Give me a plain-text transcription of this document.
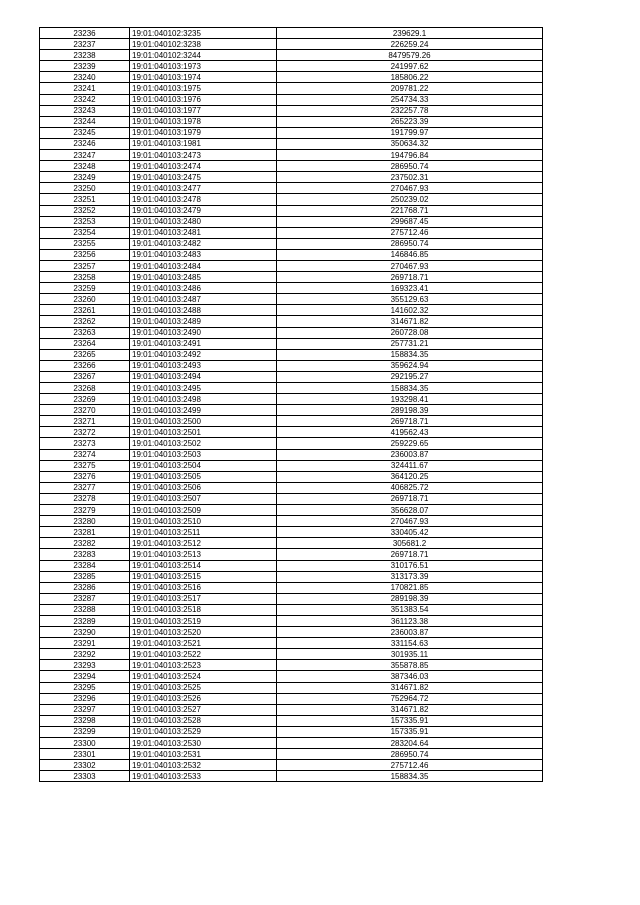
23236	19:01:040102:3235	239629.1
23237	19:01:040102:3238	226259.24
23238	19:01:040102:3244	8479579.26
23239	19:01:040103:1973	241997.62
23240	19:01:040103:1974	185806.22
23241	19:01:040103:1975	209781.22
23242	19:01:040103:1976	254734.33
23243	19:01:040103:1977	232257.78
23244	19:01:040103:1978	265223.39
23245	19:01:040103:1979	191799.97
23246	19:01:040103:1981	350634.32
23247	19:01:040103:2473	194796.84
23248	19:01:040103:2474	286950.74
23249	19:01:040103:2475	237502.31
23250	19:01:040103:2477	270467.93
23251	19:01:040103:2478	250239.02
23252	19:01:040103:2479	221768.71
23253	19:01:040103:2480	299687.45
23254	19:01:040103:2481	275712.46
23255	19:01:040103:2482	286950.74
23256	19:01:040103:2483	146846.85
23257	19:01:040103:2484	270467.93
23258	19:01:040103:2485	269718.71
23259	19:01:040103:2486	169323.41
23260	19:01:040103:2487	355129.63
23261	19:01:040103:2488	141602.32
23262	19:01:040103:2489	314671.82
23263	19:01:040103:2490	260728.08
23264	19:01:040103:2491	257731.21
23265	19:01:040103:2492	158834.35
23266	19:01:040103:2493	359624.94
23267	19:01:040103:2494	292195.27
23268	19:01:040103:2495	158834.35
23269	19:01:040103:2498	193298.41
23270	19:01:040103:2499	289198.39
23271	19:01:040103:2500	269718.71
23272	19:01:040103:2501	419562.43
23273	19:01:040103:2502	259229.65
23274	19:01:040103:2503	236003.87
23275	19:01:040103:2504	324411.67
23276	19:01:040103:2505	364120.25
23277	19:01:040103:2506	406825.72
23278	19:01:040103:2507	269718.71
23279	19:01:040103:2509	356628.07
23280	19:01:040103:2510	270467.93
23281	19:01:040103:2511	330405.42
23282	19:01:040103:2512	305681.2
23283	19:01:040103:2513	269718.71
23284	19:01:040103:2514	310176.51
23285	19:01:040103:2515	313173.39
23286	19:01:040103:2516	170821.85
23287	19:01:040103:2517	289198.39
23288	19:01:040103:2518	351383.54
23289	19:01:040103:2519	361123.38
23290	19:01:040103:2520	236003.87
23291	19:01:040103:2521	331154.63
23292	19:01:040103:2522	301935.11
23293	19:01:040103:2523	355878.85
23294	19:01:040103:2524	387346.03
23295	19:01:040103:2525	314671.82
23296	19:01:040103:2526	752964.72
23297	19:01:040103:2527	314671.82
23298	19:01:040103:2528	157335.91
23299	19:01:040103:2529	157335.91
23300	19:01:040103:2530	283204.64
23301	19:01:040103:2531	286950.74
23302	19:01:040103:2532	275712.46
23303	19:01:040103:2533	158834.35
